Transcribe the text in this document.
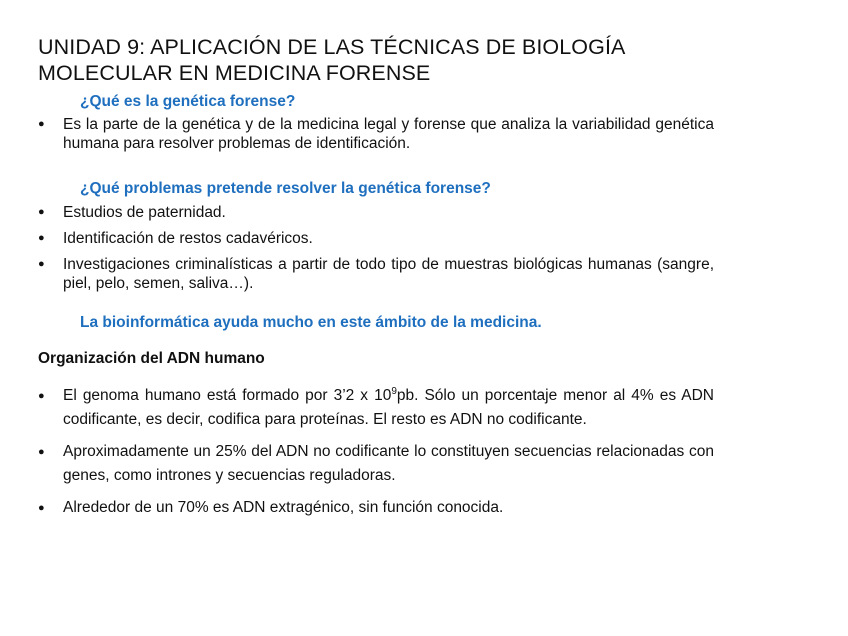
UNIDAD 9: APLICACIÓN DE LAS TÉCNICAS DE BIOLOGÍA
MOLECULAR EN MEDICINA FORENSE
¿Qué es la genética forense?
● Es la parte de la genética y de la medicina legal y forense que analiza la variabilidad genética humana para resolver problemas de identificación.
¿Qué problemas pretende resolver la genética forense?
● Estudios de paternidad.
● Identificación de restos cadavéricos.
● Investigaciones criminalísticas a partir de todo tipo de muestras biológicas humanas (sangre, piel, pelo, semen, saliva…).
La bioinformática ayuda mucho en este ámbito de la medicina.
Organización del ADN humano
● El genoma humano está formado por 3’2 x $10^9pb$. Sólo un porcentaje menor al 4% es ADN codificante, es decir, codifica para proteínas. El resto es ADN no codificante.
● Aproximadamente un 25% del ADN no codificante lo constituyen secuencias relacionadas con genes, como intrones y secuencias reguladoras.
● Alrededor de un 70% es ADN extragénico, sin función conocida.
